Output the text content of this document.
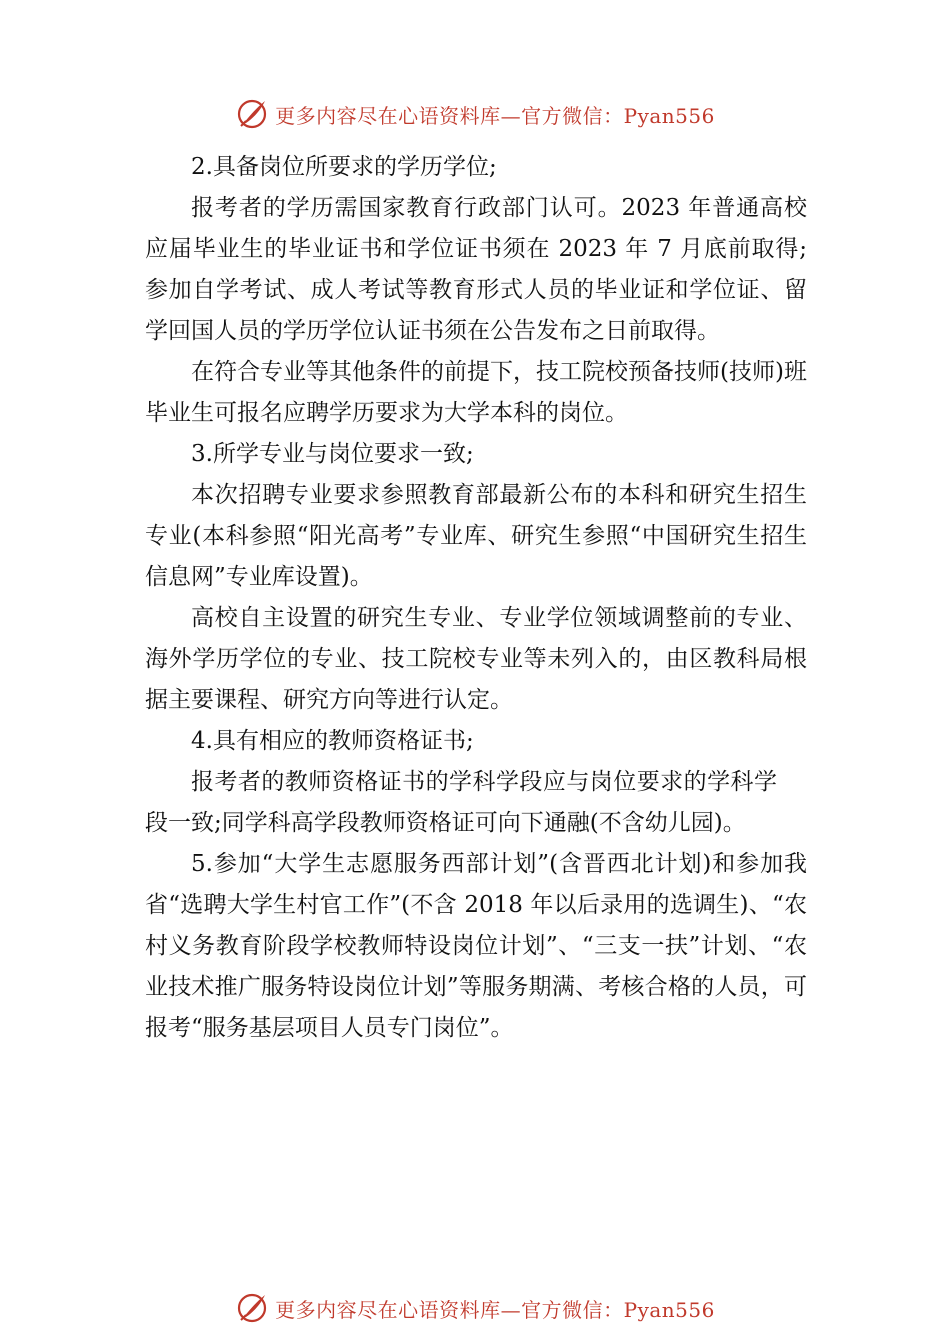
更多内容尽在心语资料库—官方微信：Pyan556

2.具备岗位所要求的学历学位;

报考者的学历需国家教育行政部门认可。2023 年普通高校应届毕业生的毕业证书和学位证书须在 2023 年 7 月底前取得;参加自学考试、成人考试等教育形式人员的毕业证和学位证、留学回国人员的学历学位认证书须在公告发布之日前取得。

在符合专业等其他条件的前提下，技工院校预备技师(技师)班毕业生可报名应聘学历要求为大学本科的岗位。

3.所学专业与岗位要求一致;

本次招聘专业要求参照教育部最新公布的本科和研究生招生专业(本科参照“阳光高考”专业库、研究生参照“中国研究生招生信息网”专业库设置)。

高校自主设置的研究生专业、专业学位领域调整前的专业、海外学历学位的专业、技工院校专业等未列入的，由区教科局根据主要课程、研究方向等进行认定。

4.具有相应的教师资格证书;

报考者的教师资格证书的学科学段应与岗位要求的学科学段一致;同学科高学段教师资格证可向下通融(不含幼儿园)。

5.参加“大学生志愿服务西部计划”(含晋西北计划)和参加我省“选聘大学生村官工作”(不含 2018 年以后录用的选调生)、“农村义务教育阶段学校教师特设岗位计划”、“三支一扶”计划、“农业技术推广服务特设岗位计划”等服务期满、考核合格的人员，可报考“服务基层项目人员专门岗位”。

更多内容尽在心语资料库—官方微信：Pyan556
